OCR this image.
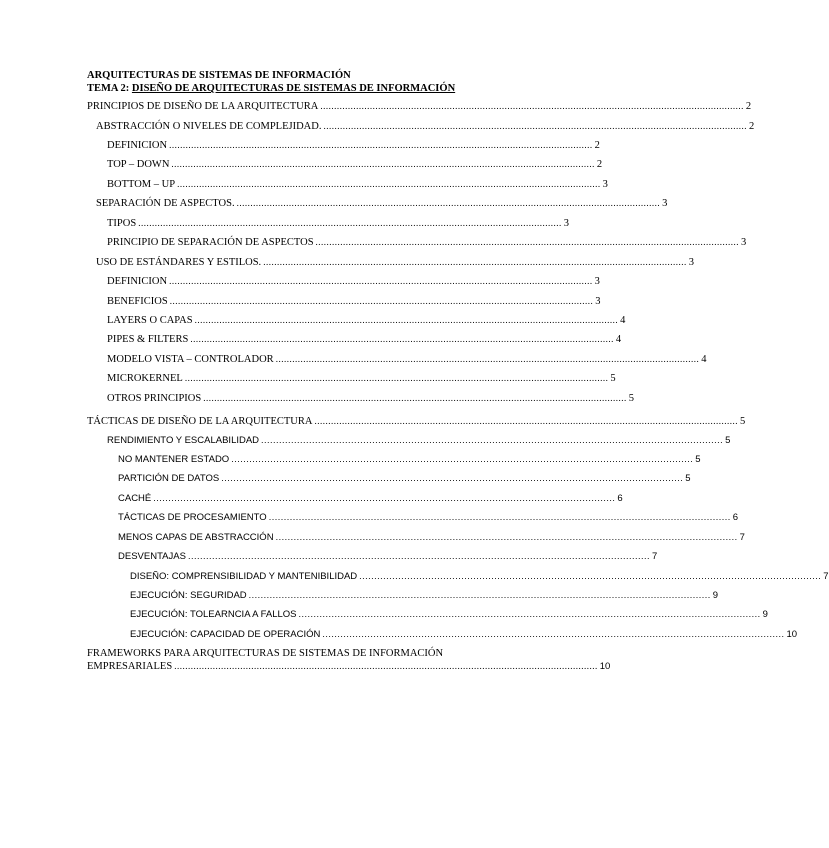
ARQUITECTURAS DE SISTEMAS DE INFORMACIÓN
TEMA 2: DISEÑO DE ARQUITECTURAS DE SISTEMAS DE INFORMACIÓN
PRINCIPIOS DE DISEÑO DE LA ARQUITECTURA .......................................................................................................................................................... 2
ABSTRACCIÓN O NIVELES DE COMPLEJIDAD. .......................................................................................................................................................... 2
DEFINICION .......................................................................................................................................................... 2
TOP – DOWN .......................................................................................................................................................... 2
BOTTOM – UP .......................................................................................................................................................... 3
SEPARACIÓN DE ASPECTOS. .......................................................................................................................................................... 3
TIPOS .......................................................................................................................................................... 3
PRINCIPIO DE SEPARACIÓN DE ASPECTOS .......................................................................................................................................................... 3
USO DE ESTÁNDARES Y ESTILOS. .......................................................................................................................................................... 3
DEFINICION .......................................................................................................................................................... 3
BENEFICIOS .......................................................................................................................................................... 3
LAYERS O CAPAS .......................................................................................................................................................... 4
PIPES & FILTERS .......................................................................................................................................................... 4
MODELO VISTA – CONTROLADOR .......................................................................................................................................................... 4
MICROKERNEL .......................................................................................................................................................... 5
OTROS PRINCIPIOS .......................................................................................................................................................... 5
TÁCTICAS DE DISEÑO DE LA ARQUITECTURA .......................................................................................................................................................... 5
RENDIMIENTO Y ESCALABILIDAD .......................................................................................................................................................... 5
NO MANTENER ESTADO .......................................................................................................................................................... 5
PARTICIÓN DE DATOS .......................................................................................................................................................... 5
CACHÉ .......................................................................................................................................................... 6
TÁCTICAS DE PROCESAMIENTO .......................................................................................................................................................... 6
MENOS CAPAS DE ABSTRACCIÓN .......................................................................................................................................................... 7
DESVENTAJAS .......................................................................................................................................................... 7
DISEÑO: COMPRENSIBILIDAD Y MANTENIBILIDAD .......................................................................................................................................................... 7
EJECUCIÓN: SEGURIDAD .......................................................................................................................................................... 9
EJECUCIÓN: TOLEARNCIA A FALLOS .......................................................................................................................................................... 9
EJECUCIÓN: CAPACIDAD DE OPERACIÓN .......................................................................................................................................................... 10
FRAMEWORKS PARA ARQUITECTURAS DE SISTEMAS DE INFORMACIÓN
EMPRESARIALES .......................................................................................................................................................... 10
